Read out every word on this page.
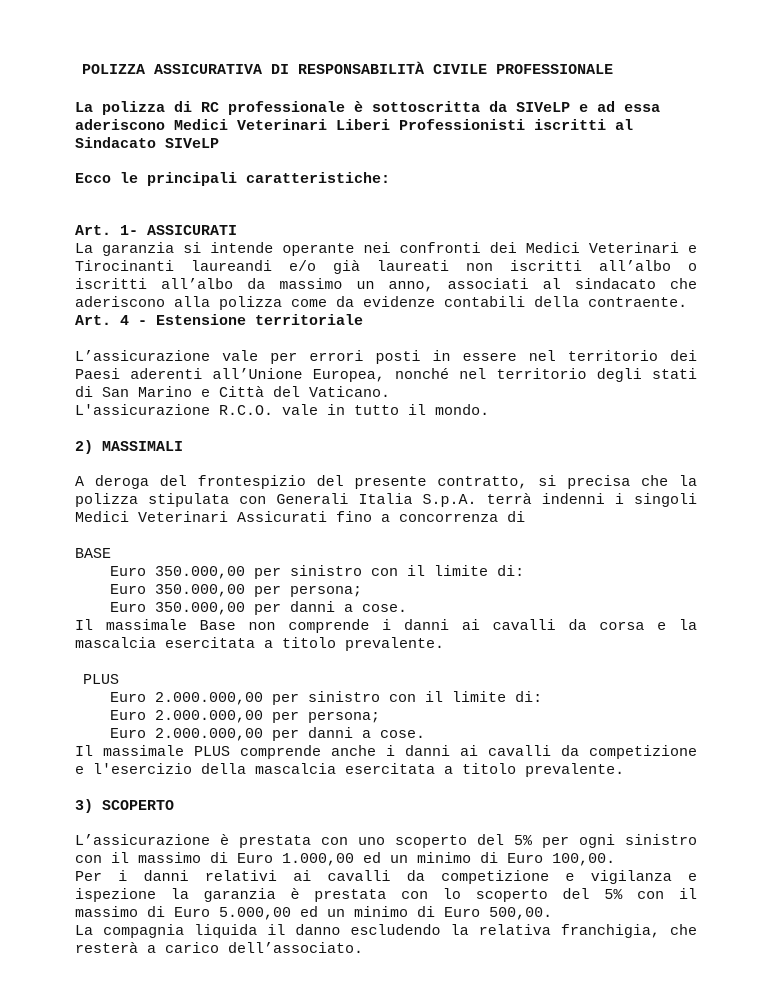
POLIZZA ASSICURATIVA DI RESPONSABILITÀ CIVILE PROFESSIONALE
La polizza di RC professionale è sottoscritta da SIVeLP e ad essa aderiscono Medici Veterinari Liberi Professionisti iscritti al Sindacato SIVeLP
Ecco le principali caratteristiche:
Art. 1- ASSICURATI

La garanzia si intende operante nei confronti dei Medici Veterinari e Tirocinanti laureandi e/o già laureati non iscritti all’albo o iscritti all’albo da massimo un anno, associati al sindacato che aderiscono alla polizza come da evidenze contabili della contraente.

Art. 4 - Estensione territoriale

L’assicurazione vale per errori posti in essere nel territorio dei Paesi aderenti all’Unione Europea, nonché nel territorio degli stati di San Marino e Città del Vaticano.

L'assicurazione R.C.O. vale in tutto il mondo.
2) MASSIMALI

A deroga del frontespizio del presente contratto, si precisa che la polizza stipulata con Generali Italia S.p.A. terrà indenni i singoli Medici Veterinari Assicurati fino a concorrenza di

BASE
Euro 350.000,00 per sinistro con il limite di:
Euro 350.000,00 per persona;
Euro 350.000,00 per danni a cose.

Il massimale Base non comprende i danni ai cavalli da corsa e la mascalcia esercitata a titolo prevalente.

PLUS
Euro 2.000.000,00 per sinistro con il limite di:
Euro 2.000.000,00 per persona;
Euro 2.000.000,00 per danni a cose.

Il massimale PLUS comprende anche i danni ai cavalli da competizione e l'esercizio della mascalcia esercitata a titolo prevalente.

3) SCOPERTO

L’assicurazione è prestata con uno scoperto del 5% per ogni sinistro con il massimo di Euro 1.000,00 ed un minimo di Euro 100,00.

Per i danni relativi ai cavalli da competizione e vigilanza e ispezione la garanzia è prestata con lo scoperto del 5% con il massimo di Euro 5.000,00 ed un minimo di Euro 500,00.

La compagnia liquida il danno escludendo la relativa franchigia, che resterà a carico dell’associato.
